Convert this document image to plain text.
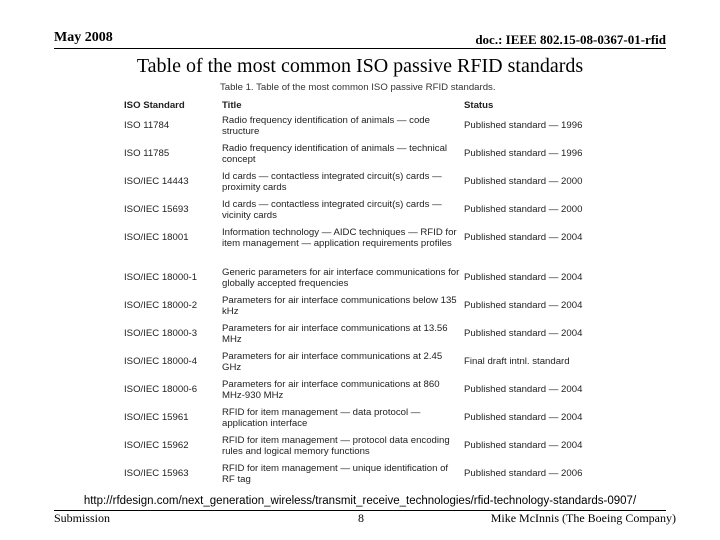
May 2008	doc.: IEEE 802.15-08-0367-01-rfid
Table of the most common ISO passive RFID standards
Table 1. Table of the most common ISO passive RFID standards.
ISO Standard	Title	Status
ISO 11784	Radio frequency identification of animals — code structure	Published standard — 1996
ISO 11785	Radio frequency identification of animals — technical concept	Published standard — 1996
ISO/IEC 14443	Id cards — contactless integrated circuit(s) cards — proximity cards	Published standard — 2000
ISO/IEC 15693	Id cards — contactless integrated circuit(s) cards — vicinity cards	Published standard — 2000
ISO/IEC 18001	Information technology — AIDC techniques — RFID for item management — application requirements profiles	Published standard — 2004
ISO/IEC 18000-1	Generic parameters for air interface communications for globally accepted frequencies	Published standard — 2004
ISO/IEC 18000-2	Parameters for air interface communications below 135 kHz	Published standard — 2004
ISO/IEC 18000-3	Parameters for air interface communications at 13.56 MHz	Published standard — 2004
ISO/IEC 18000-4	Parameters for air interface communications at 2.45 GHz	Final draft intnl. standard
ISO/IEC 18000-6	Parameters for air interface communications at 860 MHz-930 MHz	Published standard — 2004
ISO/IEC 15961	RFID for item management — data protocol — application interface	Published standard — 2004
ISO/IEC 15962	RFID for item management — protocol data encoding rules and logical memory functions	Published standard — 2004
ISO/IEC 15963	RFID for item management — unique identification of RF tag	Published standard — 2006
http://rfdesign.com/next_generation_wireless/transmit_receive_technologies/rfid-technology-standards-0907/
Submission	8	Mike McInnis (The Boeing Company)
